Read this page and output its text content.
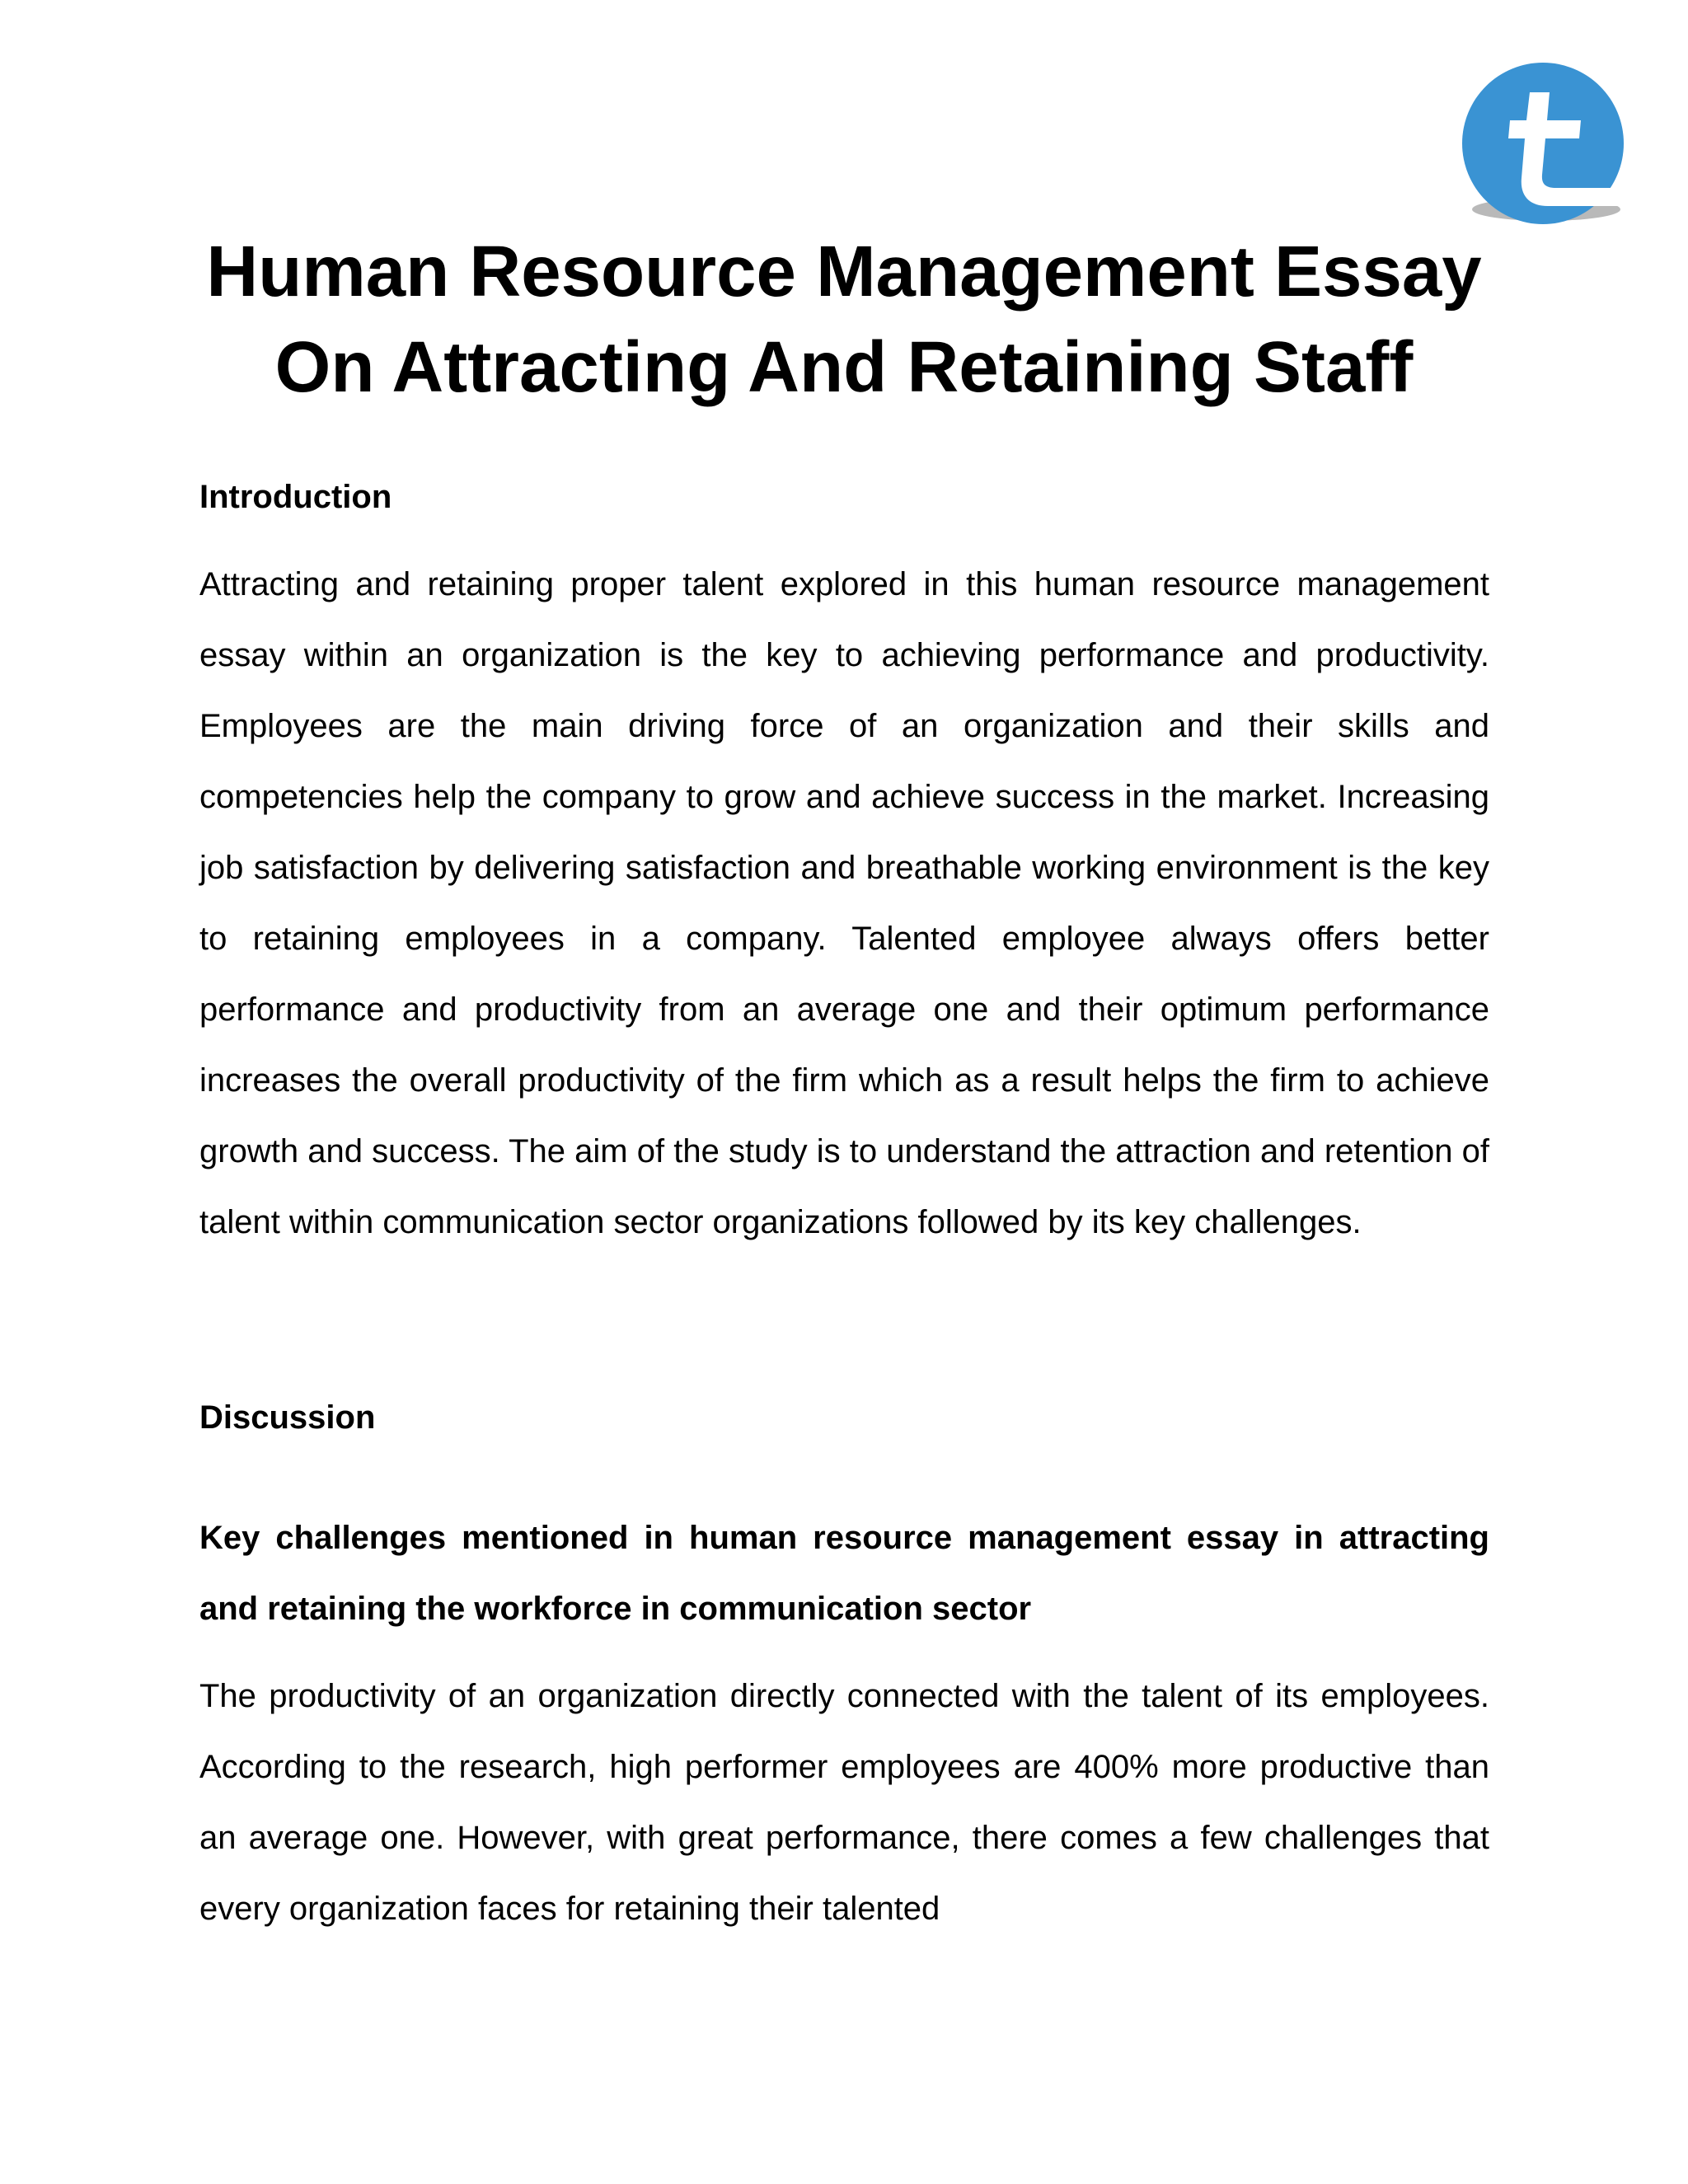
Human Resource Management Essay
On Attracting And Retaining Staff
Introduction

Attracting and retaining proper talent explored in this human resource management essay within an organization is the key to achieving performance and productivity. Employees are the main driving force of an organization and their skills and competencies help the company to grow and achieve success in the market. Increasing job satisfaction by delivering satisfaction and breathable working environment is the key to retaining employees in a company. Talented employee always offers better performance and productivity from an average one and their optimum performance increases the overall productivity of the firm which as a result helps the firm to achieve growth and success. The aim of the study is to understand the attraction and retention of talent within communication sector organizations followed by its key challenges.

Discussion
Key challenges mentioned in human resource management essay in attracting and retaining the workforce in communication sector

The productivity of an organization directly connected with the talent of its employees. According to the research, high performer employees are 400% more productive than an average one. However, with great performance, there comes a few challenges that every organization faces for retaining their talented
